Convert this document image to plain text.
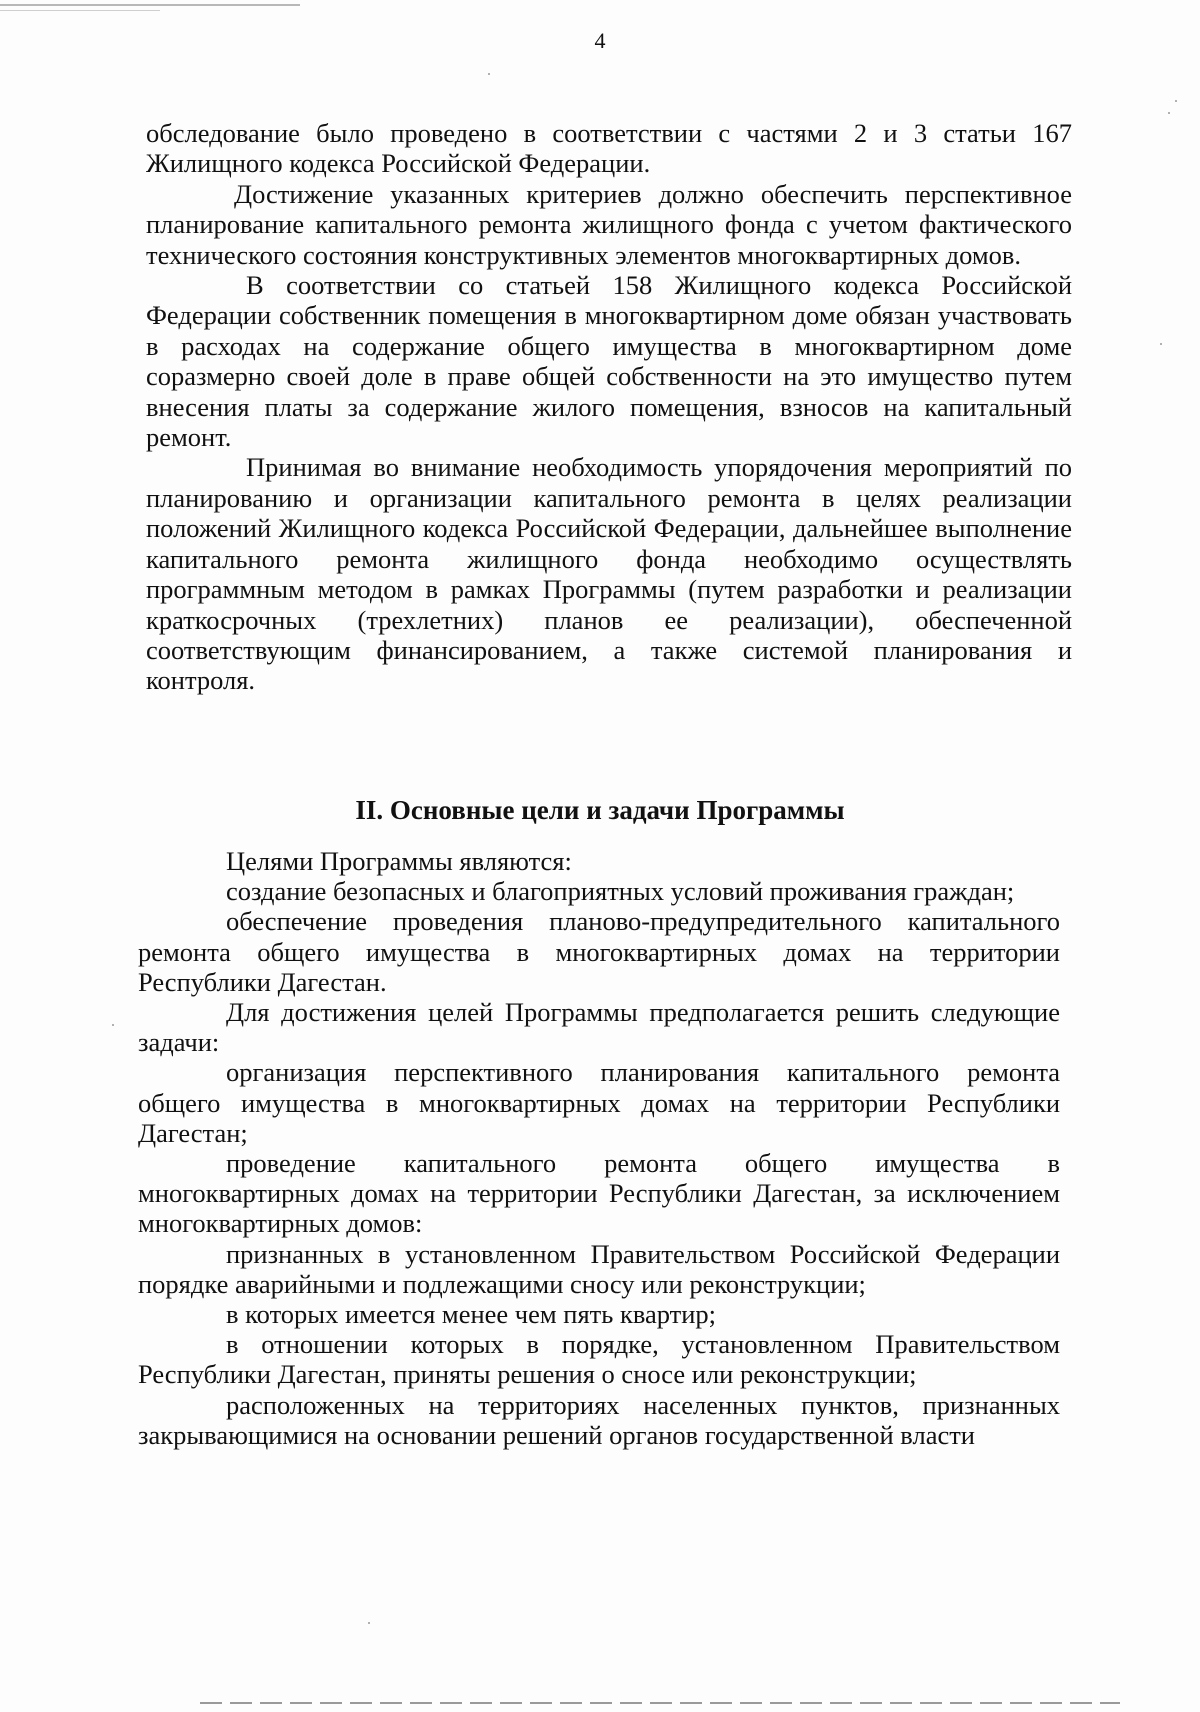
4

обследование было проведено в соответствии с частями 2 и 3 статьи 167 Жилищного кодекса Российской Федерации.

Достижение указанных критериев должно обеспечить перспективное планирование капитального ремонта жилищного фонда с учетом фактического технического состояния конструктивных элементов многоквартирных домов.

В соответствии со статьей 158 Жилищного кодекса Российской Федерации собственник помещения в многоквартирном доме обязан участвовать в расходах на содержание общего имущества в многоквартирном доме соразмерно своей доле в праве общей собственности на это имущество путем внесения платы за содержание жилого помещения, взносов на капитальный ремонт.

Принимая во внимание необходимость упорядочения мероприятий по планированию и организации капитального ремонта в целях реализации положений Жилищного кодекса Российской Федерации, дальнейшее выполнение капитального ремонта жилищного фонда необходимо осуществлять программным методом в рамках Программы (путем разработки и реализации краткосрочных (трехлетних) планов ее реализации), обеспеченной соответствующим финансированием, а также системой планирования и контроля.

II. Основные цели и задачи Программы

Целями Программы являются:

создание безопасных и благоприятных условий проживания граждан;

обеспечение проведения планово-предупредительного капитального ремонта общего имущества в многоквартирных домах на территории Республики Дагестан.

Для достижения целей Программы предполагается решить следующие задачи:

организация перспективного планирования капитального ремонта общего имущества в многоквартирных домах на территории Республики Дагестан;

проведение капитального ремонта общего имущества в многоквартирных домах на территории Республики Дагестан, за исключением многоквартирных домов:

признанных в установленном Правительством Российской Федерации порядке аварийными и подлежащими сносу или реконструкции;

в которых имеется менее чем пять квартир;

в отношении которых в порядке, установленном Правительством Республики Дагестан, приняты решения о сносе или реконструкции;

расположенных на территориях населенных пунктов, признанных закрывающимися на основании решений органов государственной власти
